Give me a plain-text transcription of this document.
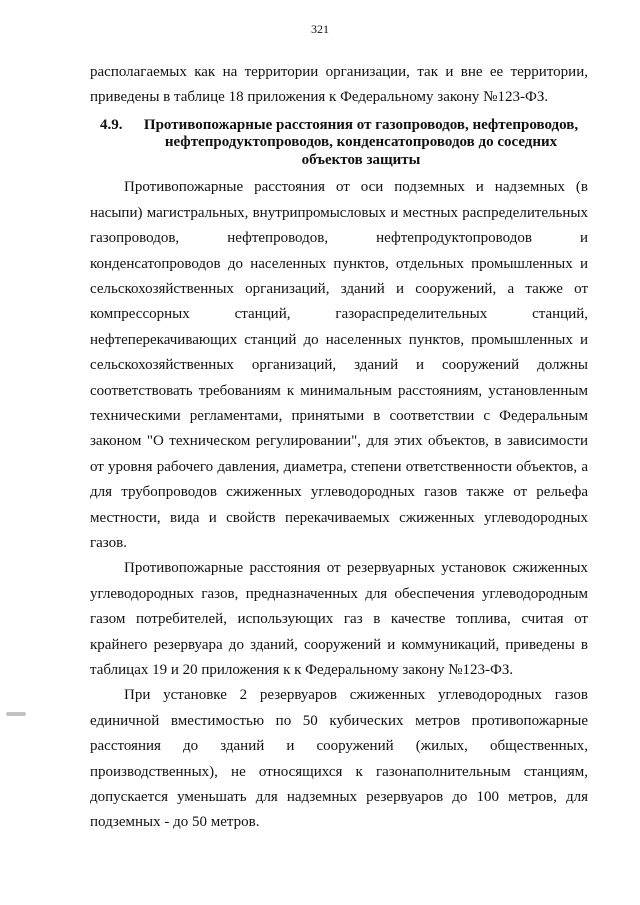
321

располагаемых как на территории организации, так и вне ее территории, приведены в таблице 18 приложения к Федеральному закону №123-ФЗ.

4.9.	Противопожарные расстояния от газопроводов, нефтепроводов, нефтепродуктопроводов, конденсатопроводов до соседних объектов защиты

Противопожарные расстояния от оси подземных и надземных (в насыпи) магистральных, внутрипромысловых и местных распределительных газопроводов, нефтепроводов, нефтепродуктопроводов и конденсатопроводов до населенных пунктов, отдельных промышленных и сельскохозяйственных организаций, зданий и сооружений, а также от компрессорных станций, газораспределительных станций, нефтеперекачивающих станций до населенных пунктов, промышленных и сельскохозяйственных организаций, зданий и сооружений должны соответствовать требованиям к минимальным расстояниям, установленным техническими регламентами, принятыми в соответствии с Федеральным законом "О техническом регулировании", для этих объектов, в зависимости от уровня рабочего давления, диаметра, степени ответственности объектов, а для трубопроводов сжиженных углеводородных газов также от рельефа местности, вида и свойств перекачиваемых сжиженных углеводородных газов.

Противопожарные расстояния от резервуарных установок сжиженных углеводородных газов, предназначенных для обеспечения углеводородным газом потребителей, использующих газ в качестве топлива, считая от крайнего резервуара до зданий, сооружений и коммуникаций, приведены в таблицах 19 и 20 приложения к к Федеральному закону №123-ФЗ.

При установке 2 резервуаров сжиженных углеводородных газов единичной вместимостью по 50 кубических метров противопожарные расстояния до зданий и сооружений (жилых, общественных, производственных), не относящихся к газонаполнительным станциям, допускается уменьшать для надземных резервуаров до 100 метров, для подземных - до 50 метров.
